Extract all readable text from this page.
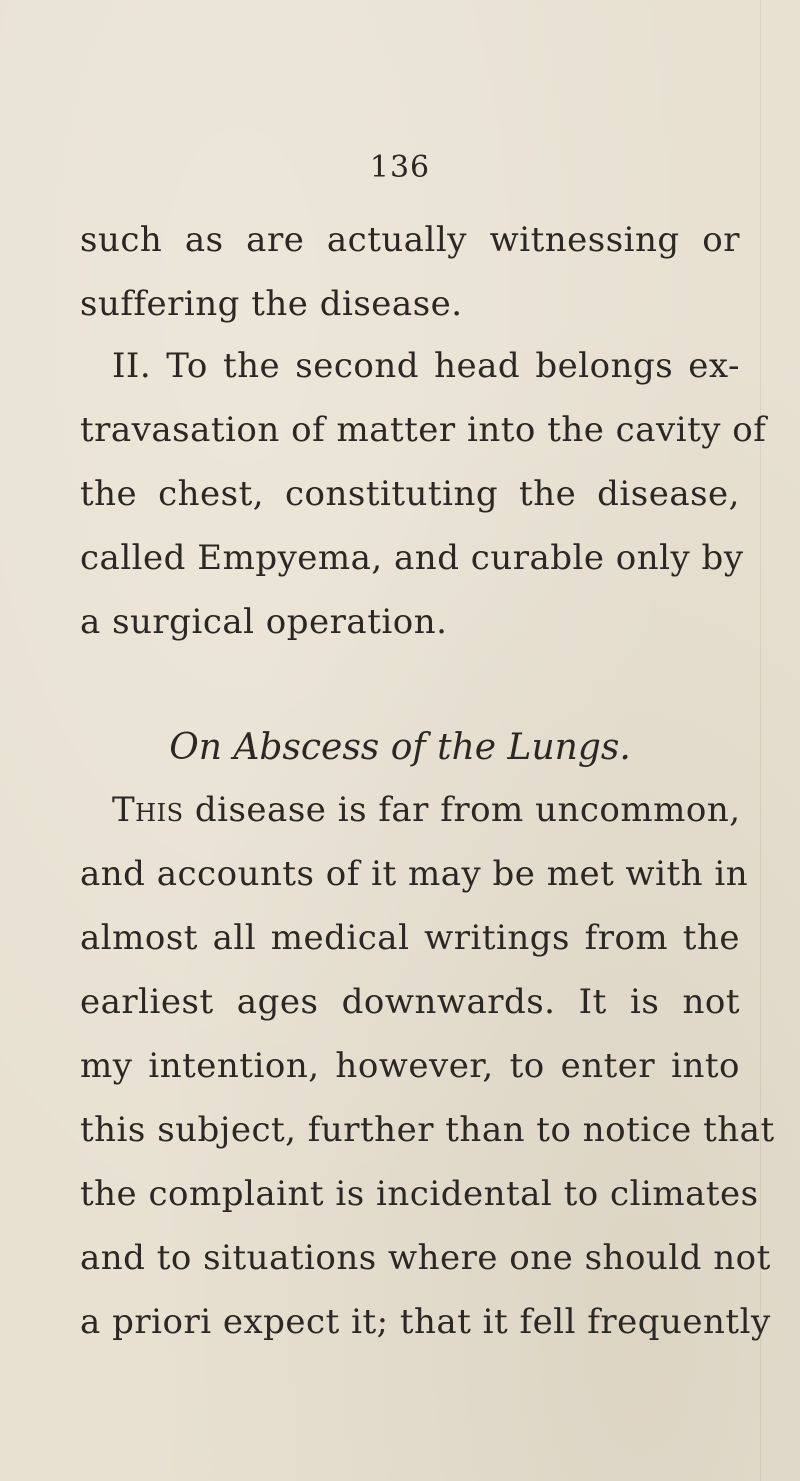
136
such as are actually witnessing or
suffering the disease.
II. To the second head belongs ex-
travasation of matter into the cavity of
the chest, constituting the disease,
called Empyema, and curable only by
a surgical operation.
On Abscess of the Lungs.
This disease is far from uncommon,
and accounts of it may be met with in
almost all medical writings from the
earliest ages downwards. It is not
my intention, however, to enter into
this subject, further than to notice that
the complaint is incidental to climates
and to situations where one should not
a priori expect it; that it fell frequently
